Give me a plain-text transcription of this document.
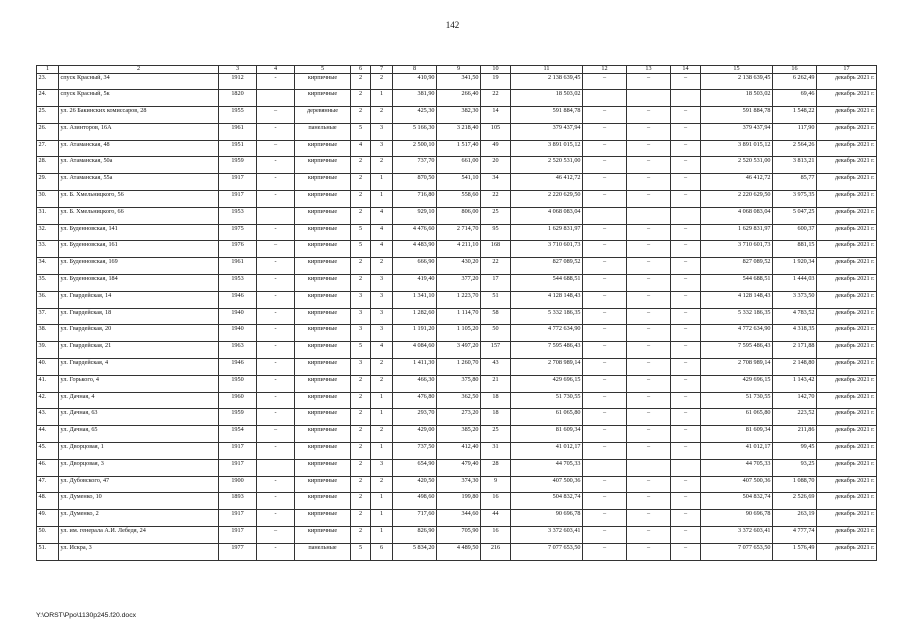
142
1	2	3	4	5	6	7	8	9	10	11	12	13	14	15	16	17
23.	спуск Красный, 34	1912	-	кирпичные	2	2	410,90	341,50	19	2 138 639,45	–	–	–	2 138 639,45	6 262,49	декабрь 2021 г.
24.	спуск Красный, 5к	1820		кирпичные	2	1	381,90	266,40	22	18 503,02				18 503,02	69,46	декабрь 2021 г.
25.	ул. 26 Бакинских комиссаров, 28	1955	–	деревянные	2	2	425,30	382,30	14	591 884,78	–	–	–	591 884,78	1 548,22	декабрь 2021 г.
26.	ул. Азинторов, 16А	1961	-	панельные	5	3	5 166,30	3 218,40	105	379 437,94	–	–	–	379 437,94	117,90	декабрь 2021 г.
27.	ул. Атаманская, 48	1951	–	кирпичные	4	3	2 500,10	1 517,40	49	3 891 015,12	–	–	–	3 891 015,12	2 564,26	декабрь 2021 г.
28.	ул. Атаманская, 50а	1959	-	кирпичные	2	2	737,70	661,00	20	2 520 531,00	–	–	–	2 520 531,00	3 813,21	декабрь 2021 г.
29.	ул. Атаманская, 55а	1917	-	кирпичные	2	1	870,50	541,10	34	46 412,72	–	–	–	46 412,72	85,77	декабрь 2021 г.
30.	ул. Б. Хмельницкого, 56	1917	-	кирпичные	2	1	716,80	558,60	22	2 220 629,50	–	–	–	2 220 629,50	3 975,35	декабрь 2021 г.
31.	ул. Б. Хмельницкого, 66	1953		кирпичные	2	4	929,10	806,00	25	4 068 083,04				4 068 083,04	5 047,25	декабрь 2021 г.
32.	ул. Буденновская, 141	1975	-	кирпичные	5	4	4 476,60	2 714,70	95	1 629 831,97	–	–	–	1 629 831,97	600,37	декабрь 2021 г.
33.	ул. Буденновская, 161	1976	–	кирпичные	5	4	4 483,90	4 211,10	168	3 710 601,73	–	–	–	3 710 601,73	881,15	декабрь 2021 г.
34.	ул. Буденновская, 169	1961	-	кирпичные	2	2	666,90	430,20	22	827 089,52	–	–	–	827 089,52	1 920,34	декабрь 2021 г.
35.	ул. Буденновская, 184	1953	-	кирпичные	2	3	419,40	377,20	17	544 688,51	–	–	–	544 688,51	1 444,03	декабрь 2021 г.
36.	ул. Гвардейская, 14	1946	-	кирпичные	3	3	1 341,10	1 223,70	51	4 128 148,43	–	–	–	4 128 148,43	3 373,50	декабрь 2021 г.
37.	ул. Гвардейская, 18	1940	-	кирпичные	3	3	1 282,60	1 114,70	58	5 332 186,35	–	–	–	5 332 186,35	4 783,52	декабрь 2021 г.
38.	ул. Гвардейская, 20	1940	-	кирпичные	3	3	1 191,20	1 105,20	50	4 772 634,90	–	–	–	4 772 634,90	4 318,35	декабрь 2021 г.
39.	ул. Гвардейская, 21	1963	-	кирпичные	5	4	4 084,60	3 497,20	157	7 595 486,43	–	–	–	7 595 486,43	2 171,88	декабрь 2021 г.
40.	ул. Гвардейская, 4	1946	-	кирпичные	3	2	1 411,30	1 260,70	43	2 708 989,14	–	–	–	2 708 989,14	2 148,80	декабрь 2021 г.
41.	ул. Горького, 4	1950	-	кирпичные	2	2	466,30	375,80	21	429 696,15	–	–	–	429 696,15	1 143,42	декабрь 2021 г.
42.	ул. Дачная, 4	1960	-	кирпичные	2	1	476,80	362,50	18	51 730,55	–	–	–	51 730,55	142,70	декабрь 2021 г.
43.	ул. Дачная, 63	1959	-	кирпичные	2	1	293,70	273,20	18	61 065,80	–	–	–	61 065,80	223,52	декабрь 2021 г.
44.	ул. Дачная, 65	1954	–	кирпичные	2	2	429,00	385,20	25	81 609,34	–	–	–	81 609,34	211,86	декабрь 2021 г.
45.	ул. Дворцовая, 1	1917	-	кирпичные	2	1	737,50	412,40	31	41 012,17	–	–	–	41 012,17	99,45	декабрь 2021 г.
46.	ул. Дворцовая, 3	1917		кирпичные	2	3	654,90	479,40	28	44 705,33				44 705,33	93,25	декабрь 2021 г.
47.	ул. Дубовского, 47	1900	-	кирпичные	2	2	420,50	374,30	9	407 500,36	–	–	–	407 500,36	1 088,70	декабрь 2021 г.
48.	ул. Думенко, 10	1893	-	кирпичные	2	1	498,60	199,80	16	504 832,74	–	–	–	504 832,74	2 526,69	декабрь 2021 г.
49.	ул. Думенко, 2	1917	-	кирпичные	2	1	717,60	344,60	44	90 696,78	–	–	–	90 696,78	263,19	декабрь 2021 г.
50.	ул. им. генерала А.И. Лебедя, 24	1917	–	кирпичные	2	1	826,90	705,90	16	3 372 603,41	–	–	–	3 372 603,41	4 777,74	декабрь 2021 г.
51.	ул. Искра, 3	1977	-	панельные	5	6	5 834,20	4 489,50	216	7 077 653,50	–	–	–	7 077 653,50	1 576,49	декабрь 2021 г.
Y:\ORST\Ppo\1130p245.f20.docx
